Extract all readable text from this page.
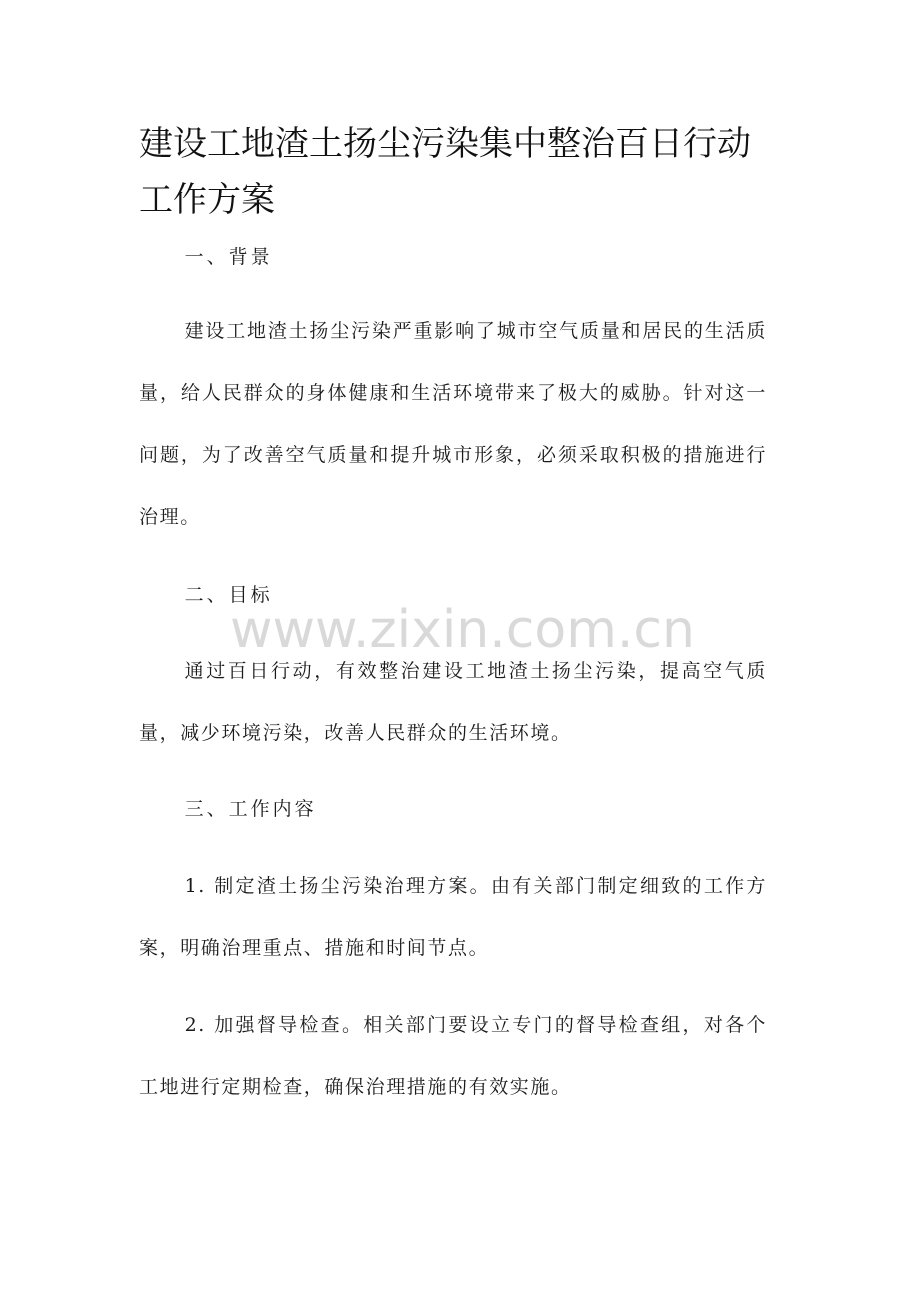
建设工地渣土扬尘污染集中整治百日行动工作方案

一、背景

建设工地渣土扬尘污染严重影响了城市空气质量和居民的生活质量，给人民群众的身体健康和生活环境带来了极大的威胁。针对这一问题，为了改善空气质量和提升城市形象，必须采取积极的措施进行治理。

二、目标

www.zixin.com.cn

通过百日行动，有效整治建设工地渣土扬尘污染，提高空气质量，减少环境污染，改善人民群众的生活环境。

三、工作内容

1. 制定渣土扬尘污染治理方案。由有关部门制定细致的工作方案，明确治理重点、措施和时间节点。

2. 加强督导检查。相关部门要设立专门的督导检查组，对各个工地进行定期检查，确保治理措施的有效实施。
